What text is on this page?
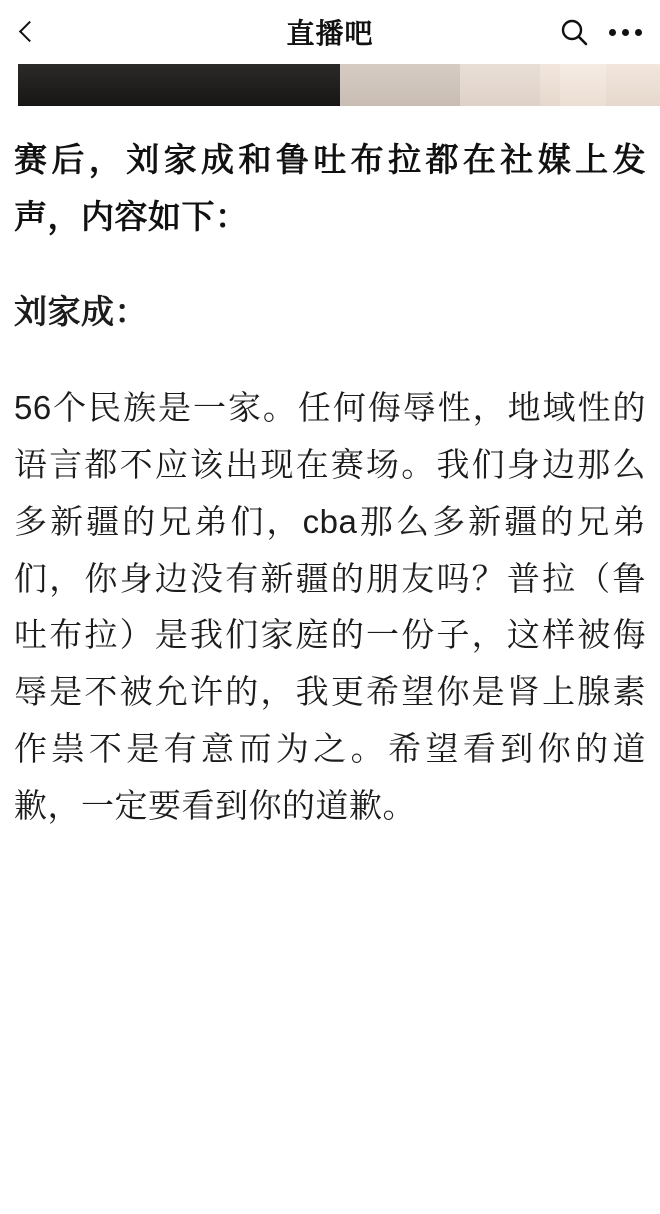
直播吧

赛后，刘家成和鲁吐布拉都在社媒上发声，内容如下：

刘家成：

56个民族是一家。任何侮辱性，地域性的语言都不应该出现在赛场。我们身边那么多新疆的兄弟们，cba那么多新疆的兄弟们，你身边没有新疆的朋友吗？普拉（鲁吐布拉）是我们家庭的一份子，这样被侮辱是不被允许的，我更希望你是肾上腺素作祟不是有意而为之。希望看到你的道歉，一定要看到你的道歉。
